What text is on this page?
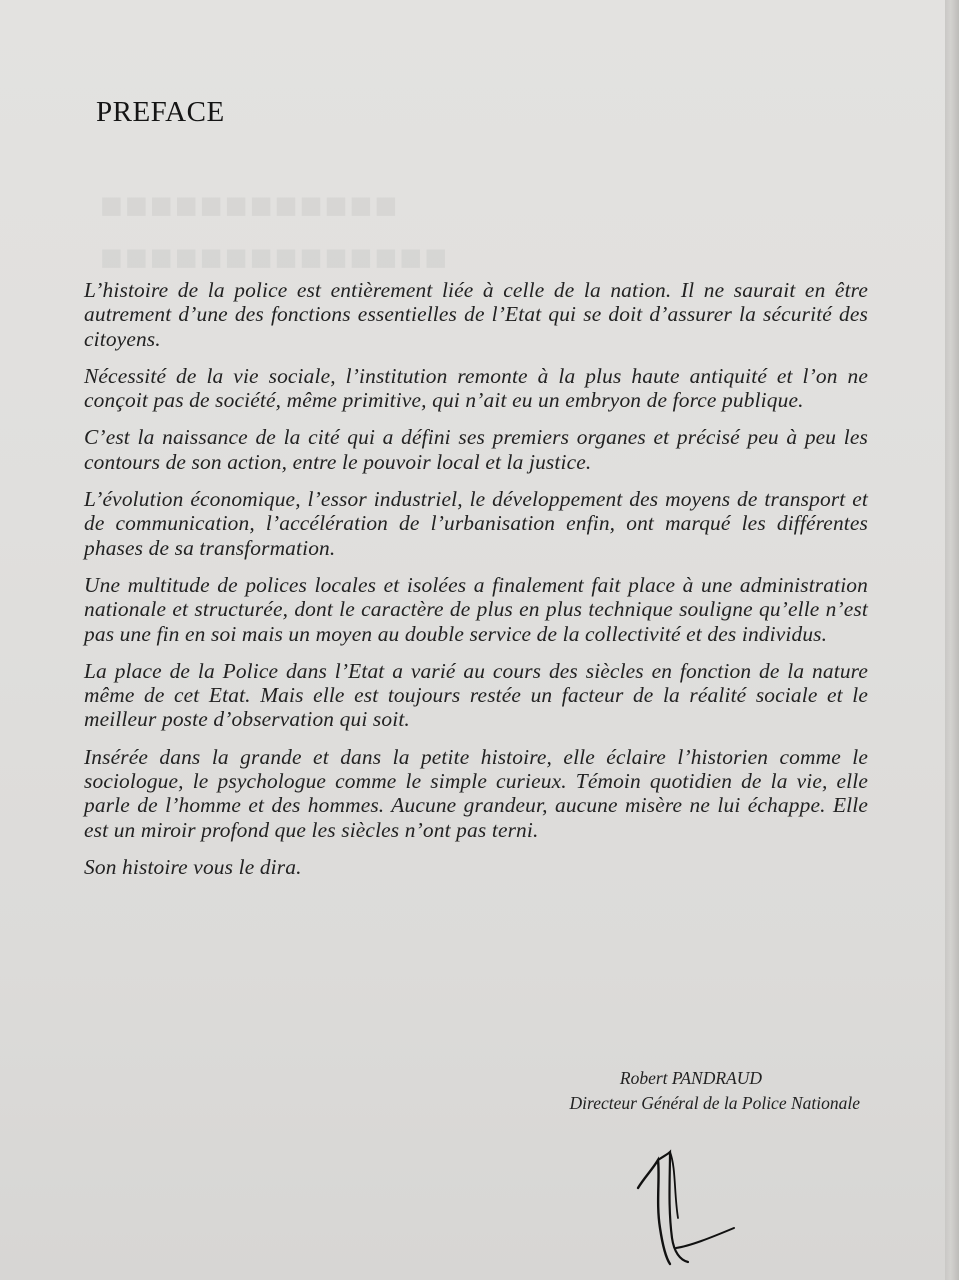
■■■■■■■■■■■■
■■■■■■■■■■■■■■
PREFACE

L’histoire de la police est entièrement liée à celle de la nation. Il ne saurait en être autrement d’une des fonctions essentielles de l’Etat qui se doit d’assurer la sécurité des citoyens.

Nécessité de la vie sociale, l’institution remonte à la plus haute antiquité et l’on ne conçoit pas de société, même primitive, qui n’ait eu un embryon de force publique.

C’est la naissance de la cité qui a défini ses premiers organes et précisé peu à peu les contours de son action, entre le pouvoir local et la justice.

L’évolution économique, l’essor industriel, le développement des moyens de transport et de communication, l’accélération de l’urbanisation enfin, ont marqué les différentes phases de sa transformation.

Une multitude de polices locales et isolées a finalement fait place à une administration nationale et structurée, dont le caractère de plus en plus technique souligne qu’elle n’est pas une fin en soi mais un moyen au double service de la collectivité et des individus.

La place de la Police dans l’Etat a varié au cours des siècles en fonction de la nature même de cet Etat. Mais elle est toujours restée un facteur de la réalité sociale et le meilleur poste d’observation qui soit.

Insérée dans la grande et dans la petite histoire, elle éclaire l’historien comme le sociologue, le psychologue comme le simple curieux. Témoin quotidien de la vie, elle parle de l’homme et des hommes. Aucune grandeur, aucune misère ne lui échappe. Elle est un miroir profond que les siècles n’ont pas terni.

Son histoire vous le dira.

Robert PANDRAUD
Directeur Général de la Police Nationale
